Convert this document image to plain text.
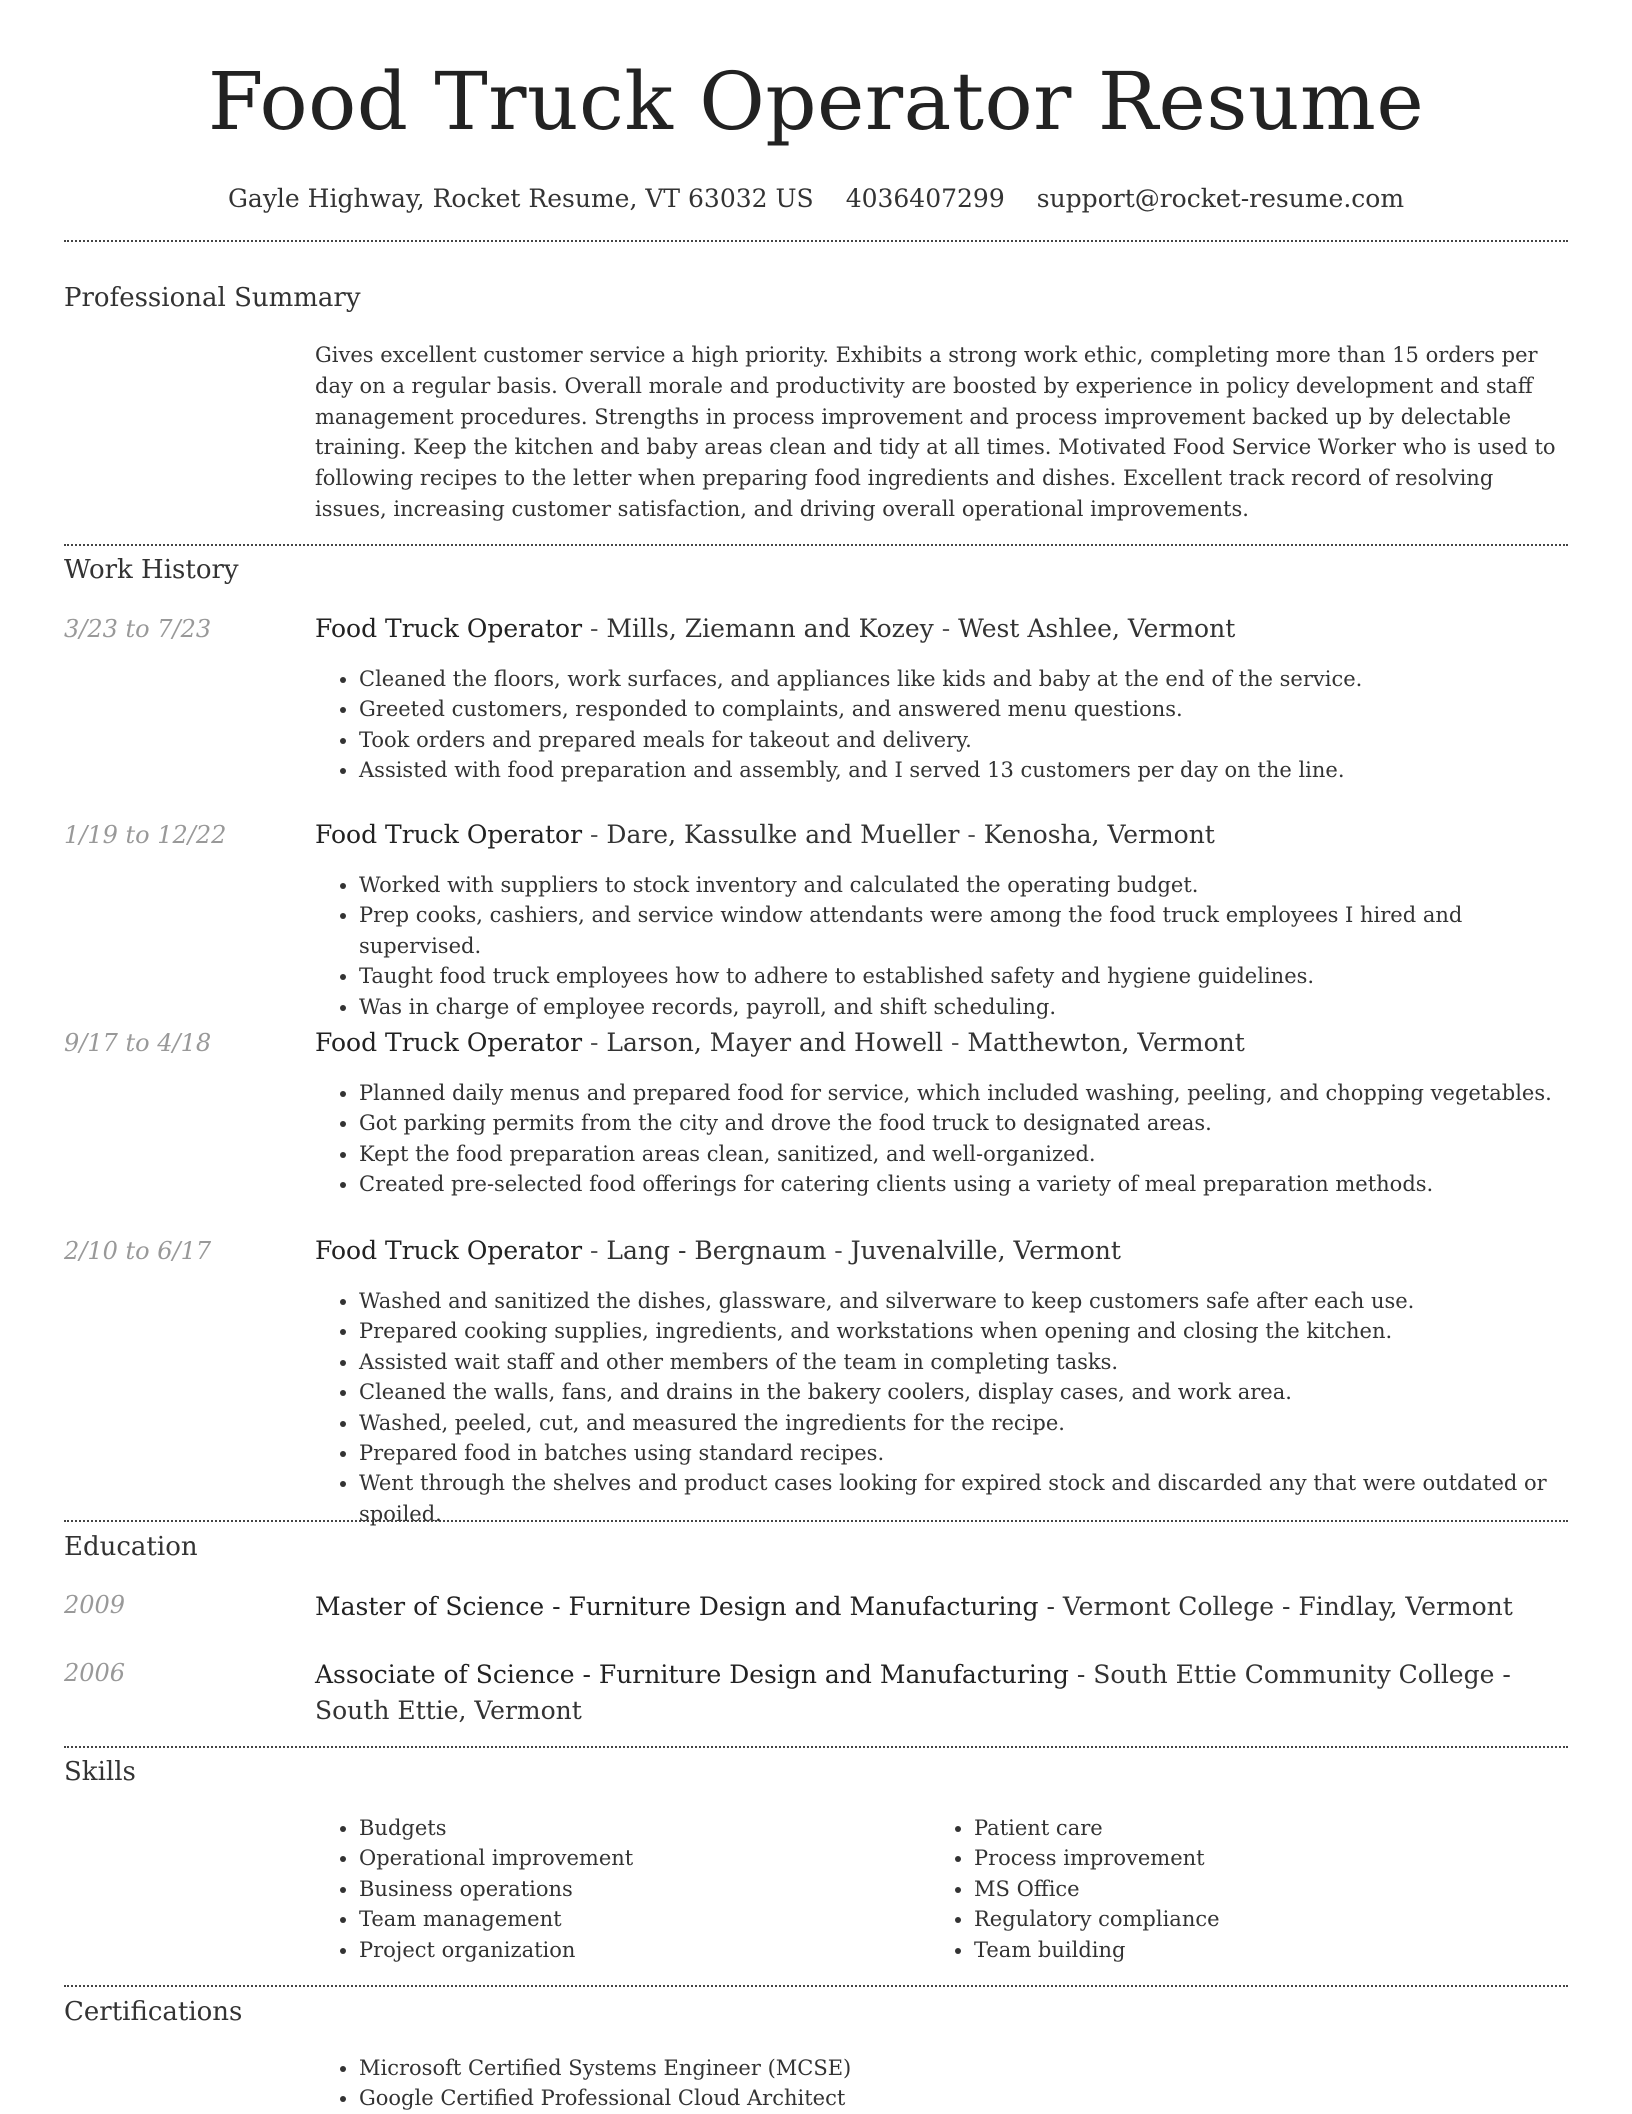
Food Truck Operator Resume
Gayle Highway, Rocket Resume, VT 63032 US 4036407299 support@rocket-resume.com
Professional Summary

Gives excellent customer service a high priority. Exhibits a strong work ethic, completing more than 15 orders per day on a regular basis. Overall morale and productivity are boosted by experience in policy development and staff management procedures. Strengths in process improvement and process improvement backed up by delectable training. Keep the kitchen and baby areas clean and tidy at all times. Motivated Food Service Worker who is used to following recipes to the letter when preparing food ingredients and dishes. Excellent track record of resolving issues, increasing customer satisfaction, and driving overall operational improvements.

Work History
3/23 to 7/23	Food Truck Operator - Mills, Ziemann and Kozey - West Ashlee, Vermont
• Cleaned the floors, work surfaces, and appliances like kids and baby at the end of the service.
• Greeted customers, responded to complaints, and answered menu questions.
• Took orders and prepared meals for takeout and delivery.
• Assisted with food preparation and assembly, and I served 13 customers per day on the line.
1/19 to 12/22	Food Truck Operator - Dare, Kassulke and Mueller - Kenosha, Vermont
• Worked with suppliers to stock inventory and calculated the operating budget.
• Prep cooks, cashiers, and service window attendants were among the food truck employees I hired and supervised.
• Taught food truck employees how to adhere to established safety and hygiene guidelines.
• Was in charge of employee records, payroll, and shift scheduling.
9/17 to 4/18	Food Truck Operator - Larson, Mayer and Howell - Matthewton, Vermont
• Planned daily menus and prepared food for service, which included washing, peeling, and chopping vegetables.
• Got parking permits from the city and drove the food truck to designated areas.
• Kept the food preparation areas clean, sanitized, and well-organized.
• Created pre-selected food offerings for catering clients using a variety of meal preparation methods.
2/10 to 6/17	Food Truck Operator - Lang - Bergnaum - Juvenalville, Vermont
• Washed and sanitized the dishes, glassware, and silverware to keep customers safe after each use.
• Prepared cooking supplies, ingredients, and workstations when opening and closing the kitchen.
• Assisted wait staff and other members of the team in completing tasks.
• Cleaned the walls, fans, and drains in the bakery coolers, display cases, and work area.
• Washed, peeled, cut, and measured the ingredients for the recipe.
• Prepared food in batches using standard recipes.
• Went through the shelves and product cases looking for expired stock and discarded any that were outdated or spoiled.
Education
2009	Master of Science - Furniture Design and Manufacturing - Vermont College - Findlay, Vermont
2006	Associate of Science - Furniture Design and Manufacturing - South Ettie Community College - South Ettie, Vermont
Skills
• Budgets
• Operational improvement
• Business operations
• Team management
• Project organization
• Patient care
• Process improvement
• MS Office
• Regulatory compliance
• Team building
Certifications
• Microsoft Certified Systems Engineer (MCSE)
• Google Certified Professional Cloud Architect
